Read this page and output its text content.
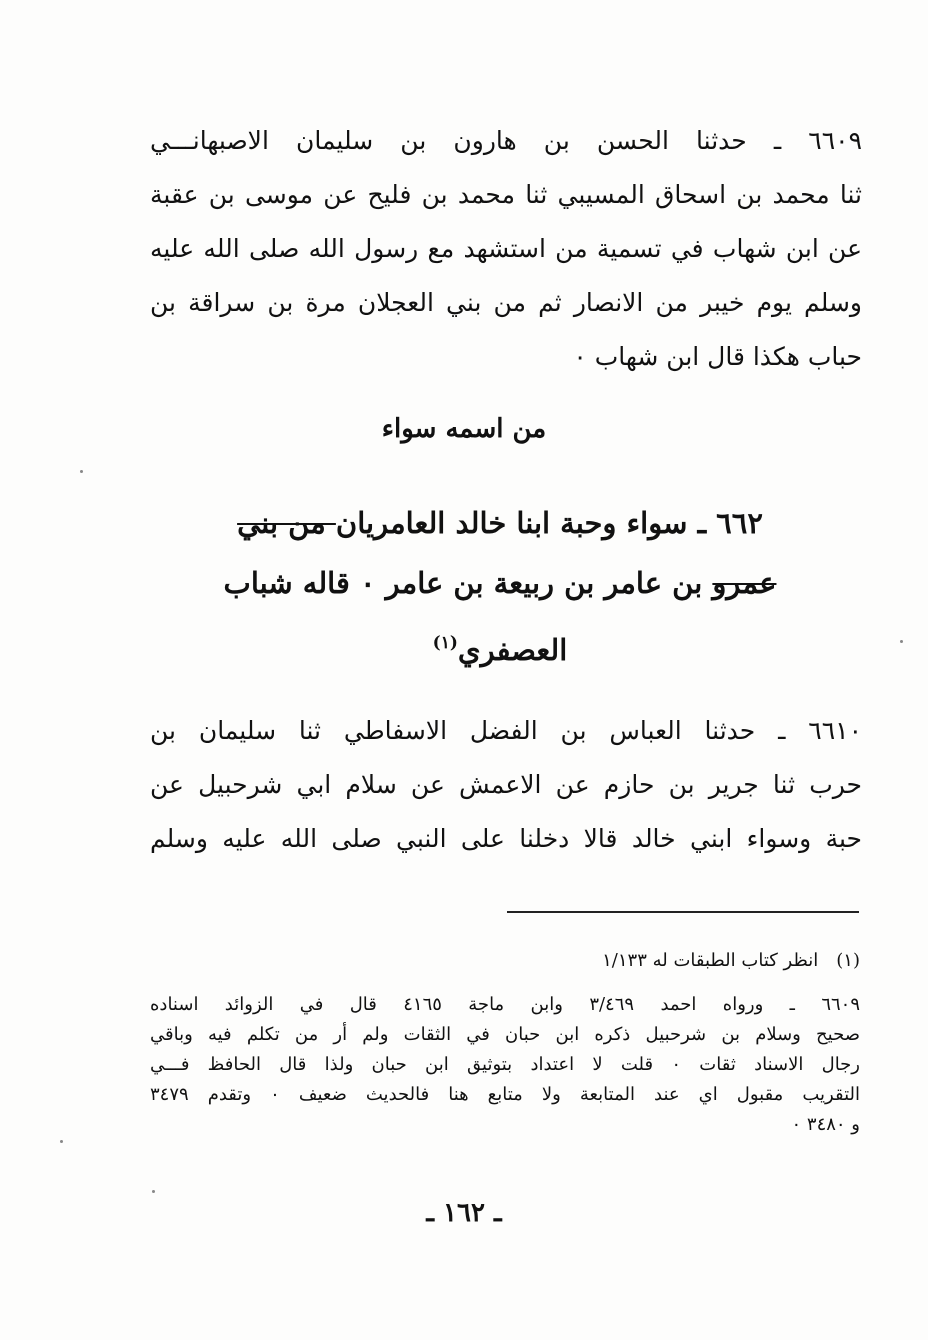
٦٦٠٩ ـ حدثنا الحسن بن هارون بن سليمان الاصبهانـــي
ثنا محمد بن اسحاق المسيبي ثنا محمد بن فليح عن موسى بن عقبة
عن ابن شهاب في تسمية من استشهد مع رسول الله صلى الله عليه
وسلم يوم خيبر من الانصار ثم من بني العجلان مرة بن سراقة بن
حباب هكذا قال ابن شهاب ٠
من اسمه سواء
٦٦٢ ـ سواء وحبة ابنا خالد العامريان من بني
عمرو بن عامر بن ربيعة بن عامر ٠ قاله شباب
العصفري$^{(١)}$
٦٦١٠ ـ حدثنا العباس بن الفضل الاسفاطي ثنا سليمان بن
حرب ثنا جرير بن حازم عن الاعمش عن سلام ابي شرحبيل عن
حبة وسواء ابني خالد قالا دخلنا على النبي صلى الله عليه وسلم
(١)انظر كتاب الطبقات له ١/١٣٣
٦٦٠٩ ـ ورواه احمد ٣/٤٦٩ وابن ماجة ٤١٦٥ قال في الزوائد اسناده
صحيح وسلام بن شرحبيل ذكره ابن حبان في الثقات ولم أر من تكلم فيه وباقي
رجال الاسناد ثقات ٠ قلت لا اعتداد بتوثيق ابن حبان ولذا قال الحافظ فـــي
التقريب مقبول اي عند المتابعة ولا متابع هنا فالحديث ضعيف ٠ وتقدم ٣٤٧٩
و ٣٤٨٠ ٠
ـ ١٦٢ ـ
